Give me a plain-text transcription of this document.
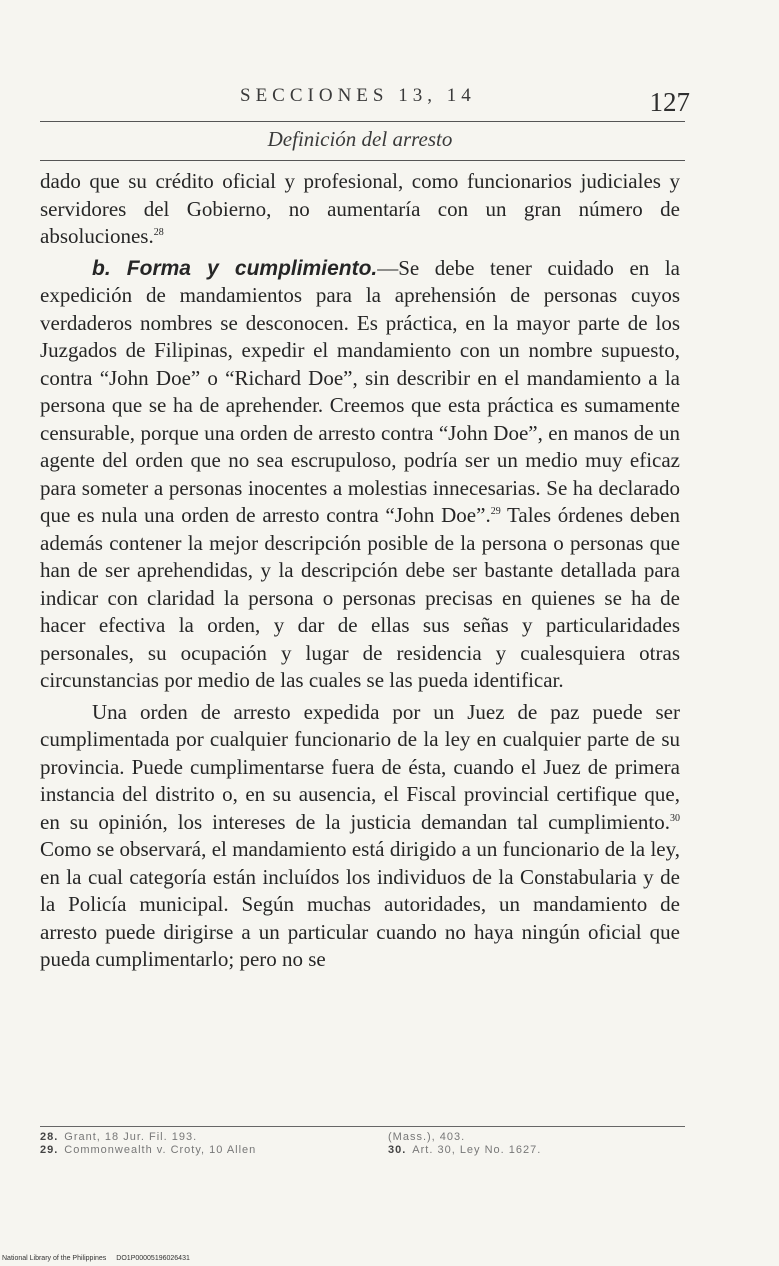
SECCIONES 13, 14	127
Definición del arresto

dado que su crédito oficial y profesional, como funcionarios judiciales y servidores del Gobierno, no aumentaría con un gran número de absoluciones.$^{28}$

b. Forma y cumplimiento.—Se debe tener cuidado en la expedición de mandamientos para la aprehensión de personas cuyos verdaderos nombres se desconocen. Es práctica, en la mayor parte de los Juzgados de Filipinas, expedir el mandamiento con un nombre supuesto, contra “John Doe” o “Richard Doe”, sin describir en el mandamiento a la persona que se ha de aprehender. Creemos que esta práctica es sumamente censurable, porque una orden de arresto contra “John Doe”, en manos de un agente del orden que no sea escrupuloso, podría ser un medio muy eficaz para someter a personas inocentes a molestias innecesarias. Se ha declarado que es nula una orden de arresto contra “John Doe”.$^{29}$ Tales órdenes deben además contener la mejor descripción posible de la persona o personas que han de ser aprehendidas, y la descripción debe ser bastante detallada para indicar con claridad la persona o personas precisas en quienes se ha de hacer efectiva la orden, y dar de ellas sus señas y particularidades personales, su ocupación y lugar de residencia y cualesquiera otras circunstancias por medio de las cuales se las pueda identificar.

Una orden de arresto expedida por un Juez de paz puede ser cumplimentada por cualquier funcionario de la ley en cualquier parte de su provincia. Puede cumplimentarse fuera de ésta, cuando el Juez de primera instancia del distrito o, en su ausencia, el Fiscal provincial certifique que, en su opinión, los intereses de la justicia demandan tal cumplimiento.$^{30}$ Como se observará, el mandamiento está dirigido a un funcionario de la ley, en la cual categoría están incluídos los individuos de la Constabularia y de la Policía municipal. Según muchas autoridades, un mandamiento de arresto puede dirigirse a un particular cuando no haya ningún oficial que pueda cumplimentarlo; pero no se

28. Grant, 18 Jur. Fil. 193.	(Mass.), 403.
29. Commonwealth v. Croty, 10 Allen	30. Art. 30, Ley No. 1627.
National Library of the Philippines DO1P00005196026431
